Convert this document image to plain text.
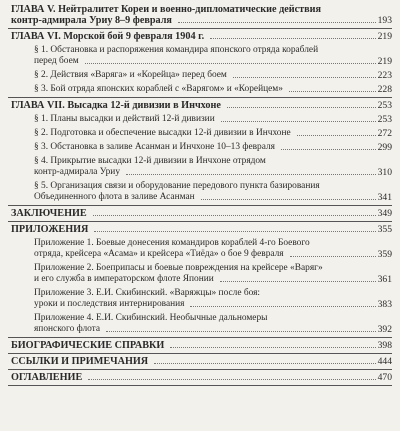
ГЛАВА V. Нейтралитет Кореи и военно-дипломатические действия
контр-адмирала Уриу 8–9 февраля	193
ГЛАВА VI. Морской бой 9 февраля 1904 г.	219
§ 1. Обстановка и распоряжения командира японского отряда кораблей
перед боем	219
§ 2. Действия «Варяга» и «Корейца» перед боем	223
§ 3. Бой отряда японских кораблей с «Варягом» и «Корейцем»	228
ГЛАВА VII. Высадка 12-й дивизии в Инчхоне	253
§ 1. Планы высадки и действий 12-й дивизии	253
§ 2. Подготовка и обеспечение высадки 12-й дивизии в Инчхоне	272
§ 3. Обстановка в заливе Асанман и Инчхоне 10–13 февраля	299
§ 4. Прикрытие высадки 12-й дивизии в Инчхоне отрядом
контр-адмирала Уриу	310
§ 5. Организация связи и оборудование передового пункта базирования
Объединенного флота в заливе Асанман	341
ЗАКЛЮЧЕНИЕ	349
ПРИЛОЖЕНИЯ	355
Приложение 1. Боевые донесения командиров кораблей 4-го Боевого
отряда, крейсера «Асама» и крейсера «Тиёда» о бое 9 февраля	359
Приложение 2. Боеприпасы и боевые повреждения на крейсере «Варяг»
и его служба в императорском флоте Японии	361
Приложение 3. Е.И. Скибинский. «Варяжцы» после боя:
уроки и последствия интернирования	383
Приложение 4. Е.И. Скибинский. Необычные дальномеры
японского флота	392
БИОГРАФИЧЕСКИЕ СПРАВКИ	398
ССЫЛКИ И ПРИМЕЧАНИЯ	444
ОГЛАВЛЕНИЕ	470
